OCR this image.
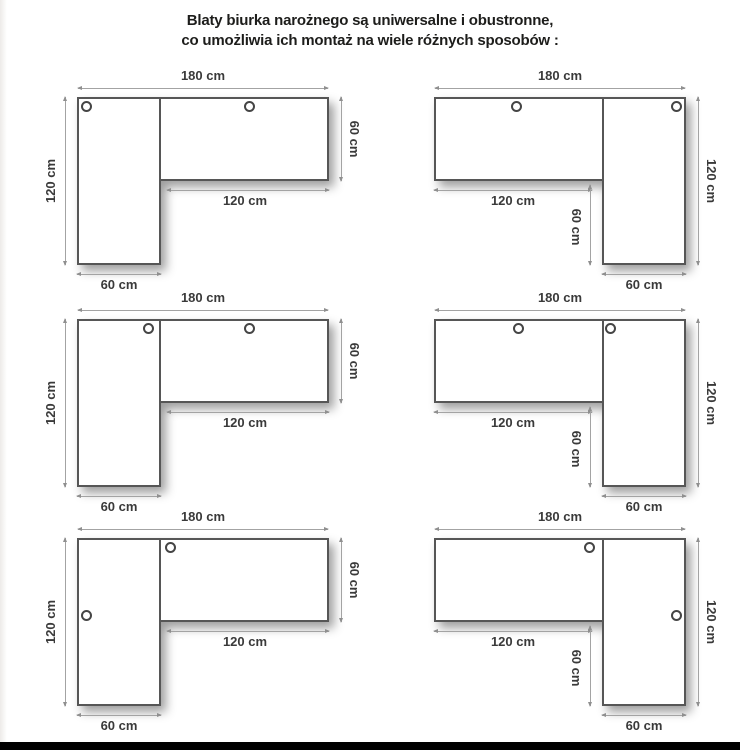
Blaty biurka narożnego są uniwersalne i obustronne,
co umożliwia ich montaż na wiele różnych sposobów :
180 cm
120 cm
60 cm
120 cm
60 cm
180 cm
120 cm
120 cm
60 cm
60 cm
180 cm
120 cm
60 cm
120 cm
60 cm
180 cm
120 cm
120 cm
60 cm
60 cm
180 cm
120 cm
60 cm
120 cm
60 cm
180 cm
120 cm
120 cm
60 cm
60 cm
